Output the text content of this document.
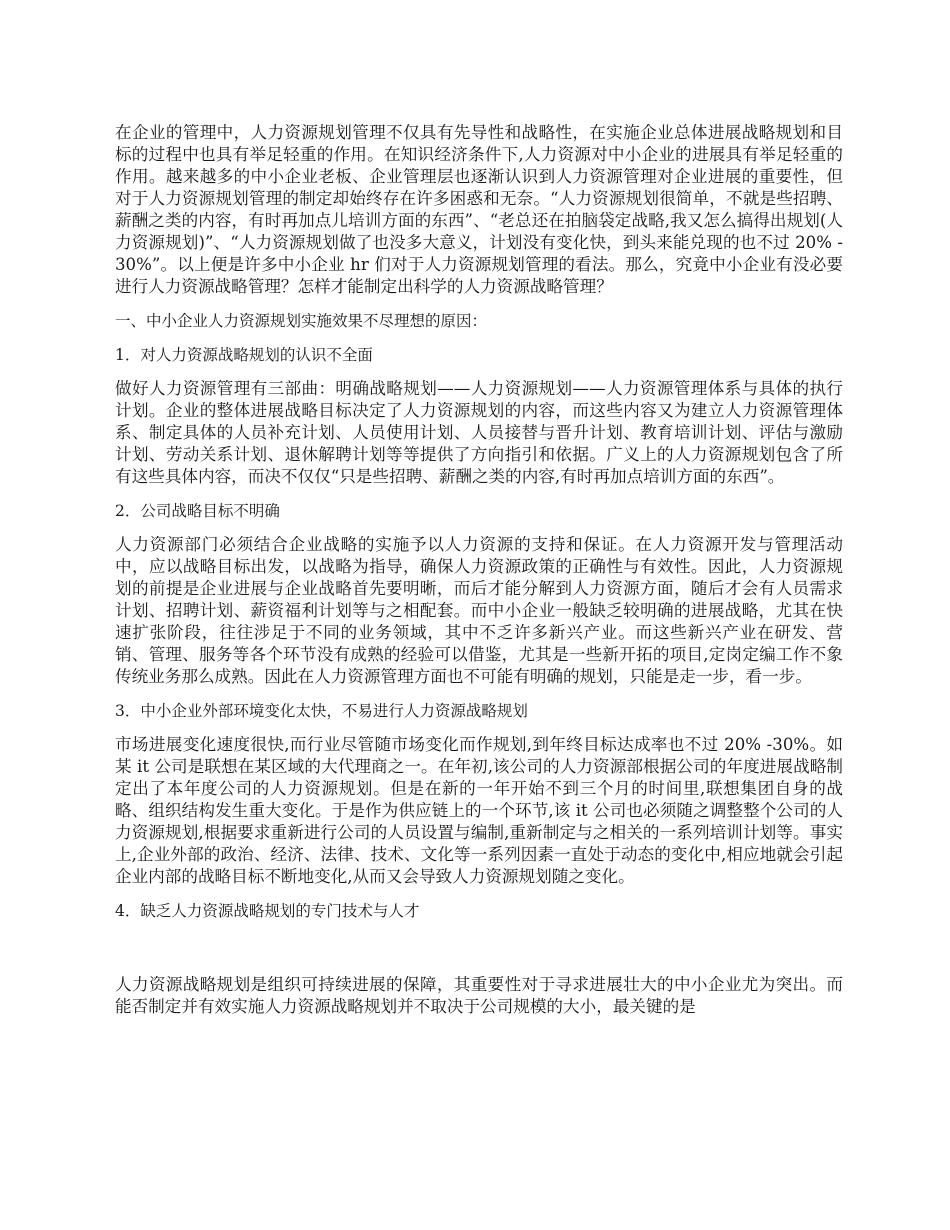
在企业的管理中，人力资源规划管理不仅具有先导性和战略性，在实施企业总体进展战略规划和目标的过程中也具有举足轻重的作用。在知识经济条件下,人力资源对中小企业的进展具有举足轻重的作用。越来越多的中小企业老板、企业管理层也逐渐认识到人力资源管理对企业进展的重要性，但对于人力资源规划管理的制定却始终存在许多困惑和无奈。“人力资源规划很简单，不就是些招聘、薪酬之类的内容，有时再加点儿培训方面的东西”、“老总还在拍脑袋定战略,我又怎么搞得出规划(人力资源规划)”、“人力资源规划做了也没多大意义，计划没有变化快，到头来能兑现的也不过 20% -30%”。以上便是许多中小企业 hr 们对于人力资源规划管理的看法。那么，究竟中小企业有没必要进行人力资源战略管理？怎样才能制定出科学的人力资源战略管理？

一、中小企业人力资源规划实施效果不尽理想的原因：

1．对人力资源战略规划的认识不全面

做好人力资源管理有三部曲：明确战略规划——人力资源规划——人力资源管理体系与具体的执行计划。企业的整体进展战略目标决定了人力资源规划的内容，而这些内容又为建立人力资源管理体系、制定具体的人员补充计划、人员使用计划、人员接替与晋升计划、教育培训计划、评估与激励计划、劳动关系计划、退休解聘计划等等提供了方向指引和依据。广义上的人力资源规划包含了所有这些具体内容，而决不仅仅“只是些招聘、薪酬之类的内容,有时再加点培训方面的东西”。

2．公司战略目标不明确

人力资源部门必须结合企业战略的实施予以人力资源的支持和保证。在人力资源开发与管理活动中，应以战略目标出发，以战略为指导，确保人力资源政策的正确性与有效性。因此，人力资源规划的前提是企业进展与企业战略首先要明晰，而后才能分解到人力资源方面，随后才会有人员需求计划、招聘计划、薪资福利计划等与之相配套。而中小企业一般缺乏较明确的进展战略，尤其在快速扩张阶段，往往涉足于不同的业务领域，其中不乏许多新兴产业。而这些新兴产业在研发、营销、管理、服务等各个环节没有成熟的经验可以借鉴，尤其是一些新开拓的项目,定岗定编工作不象传统业务那么成熟。因此在人力资源管理方面也不可能有明确的规划，只能是走一步，看一步。

3．中小企业外部环境变化太快，不易进行人力资源战略规划

市场进展变化速度很快,而行业尽管随市场变化而作规划,到年终目标达成率也不过 20% -30%。如某 it 公司是联想在某区域的大代理商之一。在年初,该公司的人力资源部根据公司的年度进展战略制定出了本年度公司的人力资源规划。但是在新的一年开始不到三个月的时间里,联想集团自身的战略、组织结构发生重大变化。于是作为供应链上的一个环节,该 it 公司也必须随之调整整个公司的人力资源规划,根据要求重新进行公司的人员设置与编制,重新制定与之相关的一系列培训计划等。事实上,企业外部的政治、经济、法律、技术、文化等一系列因素一直处于动态的变化中,相应地就会引起企业内部的战略目标不断地变化,从而又会导致人力资源规划随之变化。

4．缺乏人力资源战略规划的专门技术与人才

人力资源战略规划是组织可持续进展的保障，其重要性对于寻求进展壮大的中小企业尤为突出。而能否制定并有效实施人力资源战略规划并不取决于公司规模的大小，最关键的是
